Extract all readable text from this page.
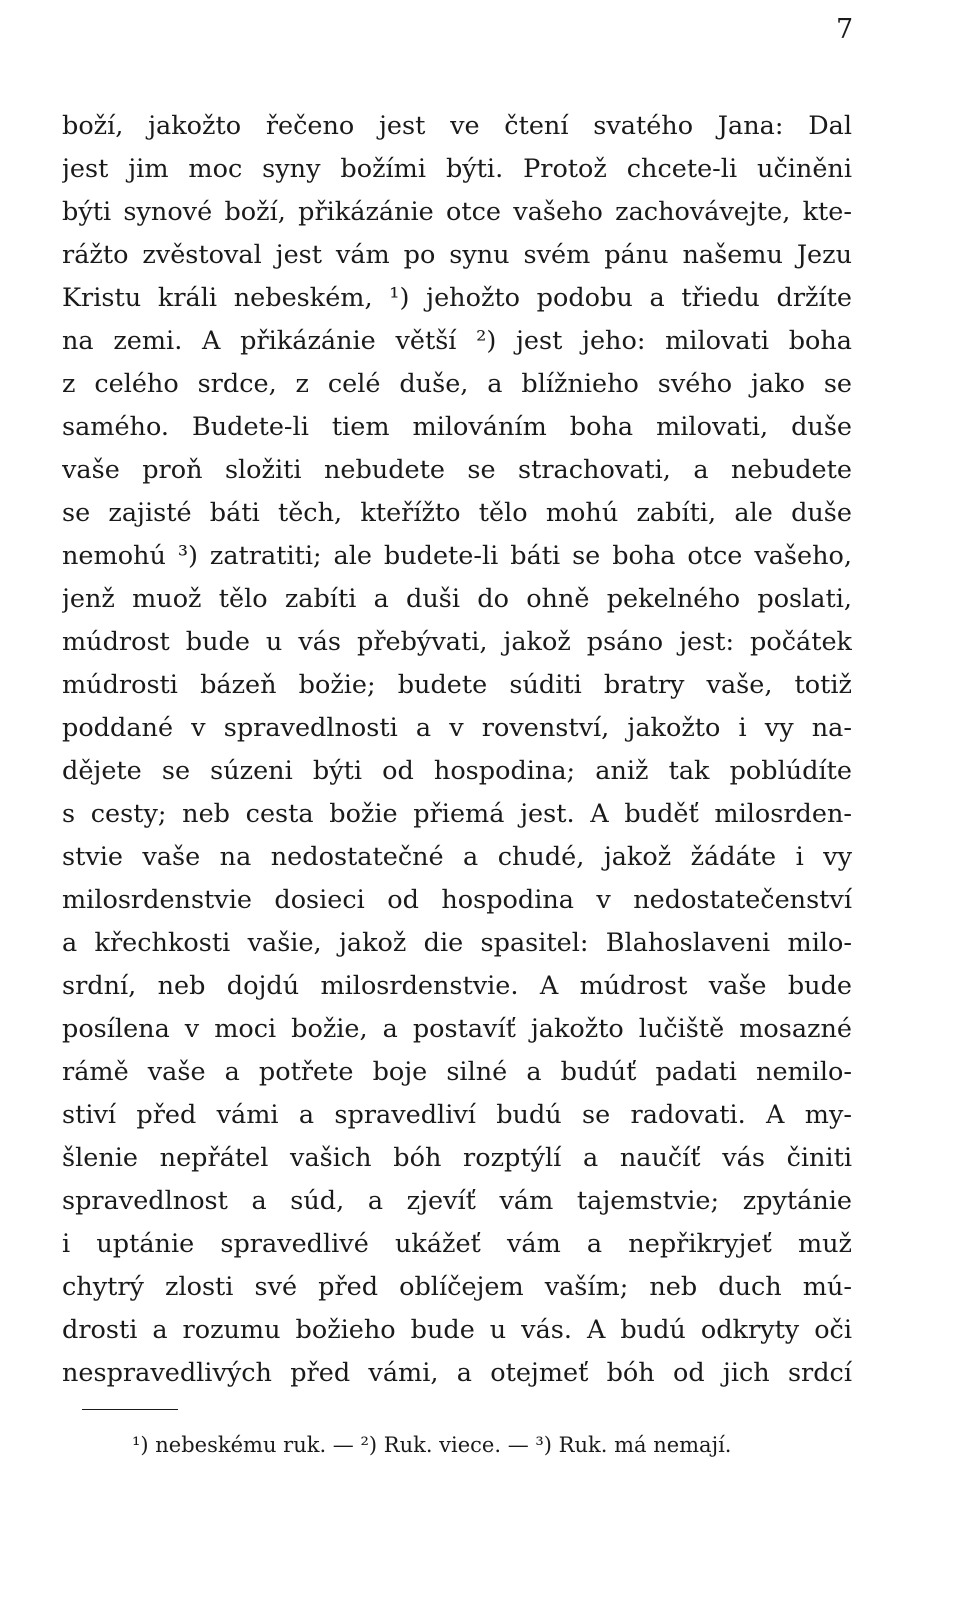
7
boží, jakožto řečeno jest ve čtení svatého Jana: Dal
jest jim moc syny božími býti. Protož chcete-li učiněni
býti synové boží, přikázánie otce vašeho zachovávejte, kte-
rážto zvěstoval jest vám po synu svém pánu našemu Jezu
Kristu králi nebeském, ¹) jehožto podobu a třiedu držíte
na zemi. A přikázánie větší ²) jest jeho: milovati boha
z celého srdce, z celé duše, a blížnieho svého jako se
samého. Budete-li tiem milováním boha milovati, duše
vaše proň složiti nebudete se strachovati, a nebudete
se zajisté báti těch, kteřížto tělo mohú zabíti, ale duše
nemohú ³) zatratiti; ale budete-li báti se boha otce vašeho,
jenž muož tělo zabíti a duši do ohně pekelného poslati,
múdrost bude u vás přebývati, jakož psáno jest: počátek
múdrosti bázeň božie; budete súditi bratry vaše, totiž
poddané v spravedlnosti a v rovenství, jakožto i vy na-
dějete se súzeni býti od hospodina; aniž tak poblúdíte
s cesty; neb cesta božie přiemá jest. A buděť milosrden-
stvie vaše na nedostatečné a chudé, jakož žádáte i vy
milosrdenstvie dosieci od hospodina v nedostatečenství
a křechkosti vašie, jakož die spasitel: Blahoslaveni milo-
srdní, neb dojdú milosrdenstvie. A múdrost vaše bude
posílena v moci božie, a postavíť jakožto lučiště mosazné
rámě vaše a potřete boje silné a budúť padati nemilo-
stiví před vámi a spravedliví budú se radovati. A my-
šlenie nepřátel vašich bóh rozptýlí a naučíť vás činiti
spravedlnost a súd, a zjevíť vám tajemstvie; zpytánie
i uptánie spravedlivé ukážeť vám a nepřikryjeť muž
chytrý zlosti své před oblíčejem vaším; neb duch mú-
drosti a rozumu božieho bude u vás. A budú odkryty oči
nespravedlivých před vámi, a otejmeť bóh od jich srdcí
¹) nebeskému ruk. — ²) Ruk. viece. — ³) Ruk. má nemají.
